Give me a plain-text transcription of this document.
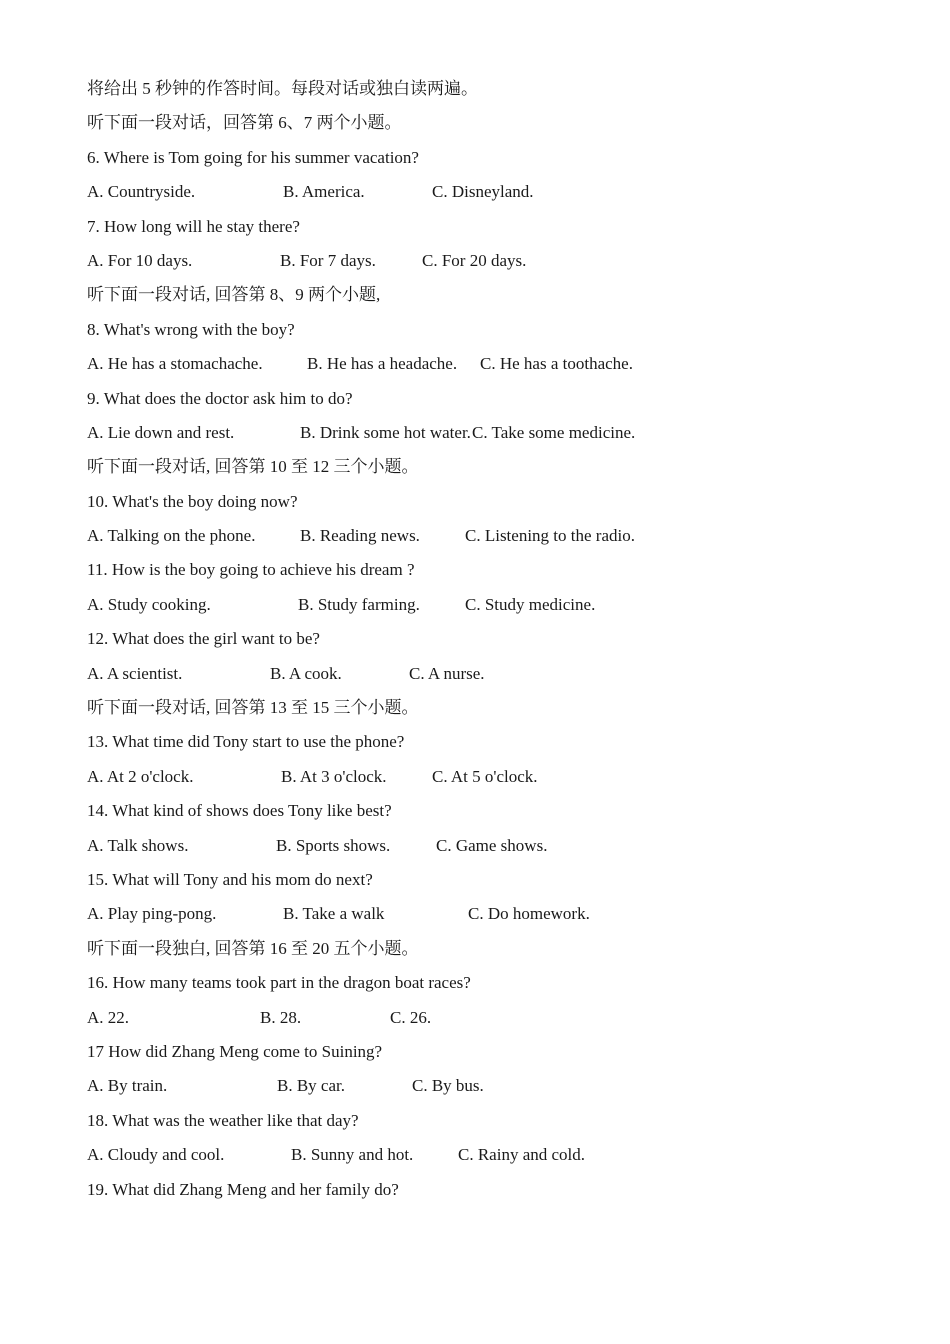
将给出 5 秒钟的作答时间。每段对话或独白读两遍。
听下面一段对话，回答第 6、7 两个小题。
6. Where is Tom going for his summer vacation?
A. Countryside.	B. America.	C. Disneyland.
7. How long will he stay there?
A. For 10 days.	B. For 7 days.	C. For 20 days.
听下面一段对话, 回答第 8、9 两个小题,
8. What's wrong with the boy?
A. He has a stomachache.	B. He has a headache. C. He has a toothache.
9. What does the doctor ask him to do?
A. Lie down and rest.	B. Drink some hot water. C. Take some medicine.
听下面一段对话, 回答第 10 至 12 三个小题。
10. What's the boy doing now?
A. Talking on the phone.	B. Reading news.	C. Listening to the radio.
11. How is the boy going to achieve his dream ?
A. Study cooking.	B. Study farming.	C. Study medicine.
12. What does the girl want to be?
A. A scientist.	B. A cook.	C. A nurse.
听下面一段对话, 回答第 13 至 15 三个小题。
13. What time did Tony start to use the phone?
A. At 2 o'clock.	B. At 3 o'clock.	C. At 5 o'clock.
14. What kind of shows does Tony like best?
A. Talk shows.	B. Sports shows.	C. Game shows.
15. What will Tony and his mom do next?
A. Play ping-pong.	B. Take a walk	C. Do homework.
听下面一段独白, 回答第 16 至 20 五个小题。
16. How many teams took part in the dragon boat races?
A. 22.	B. 28.	C. 26.
17 How did Zhang Meng come to Suining?
A. By train.	B. By car.	C. By bus.
18. What was the weather like that day?
A. Cloudy and cool.	B. Sunny and hot.	C. Rainy and cold.
19. What did Zhang Meng and her family do?
